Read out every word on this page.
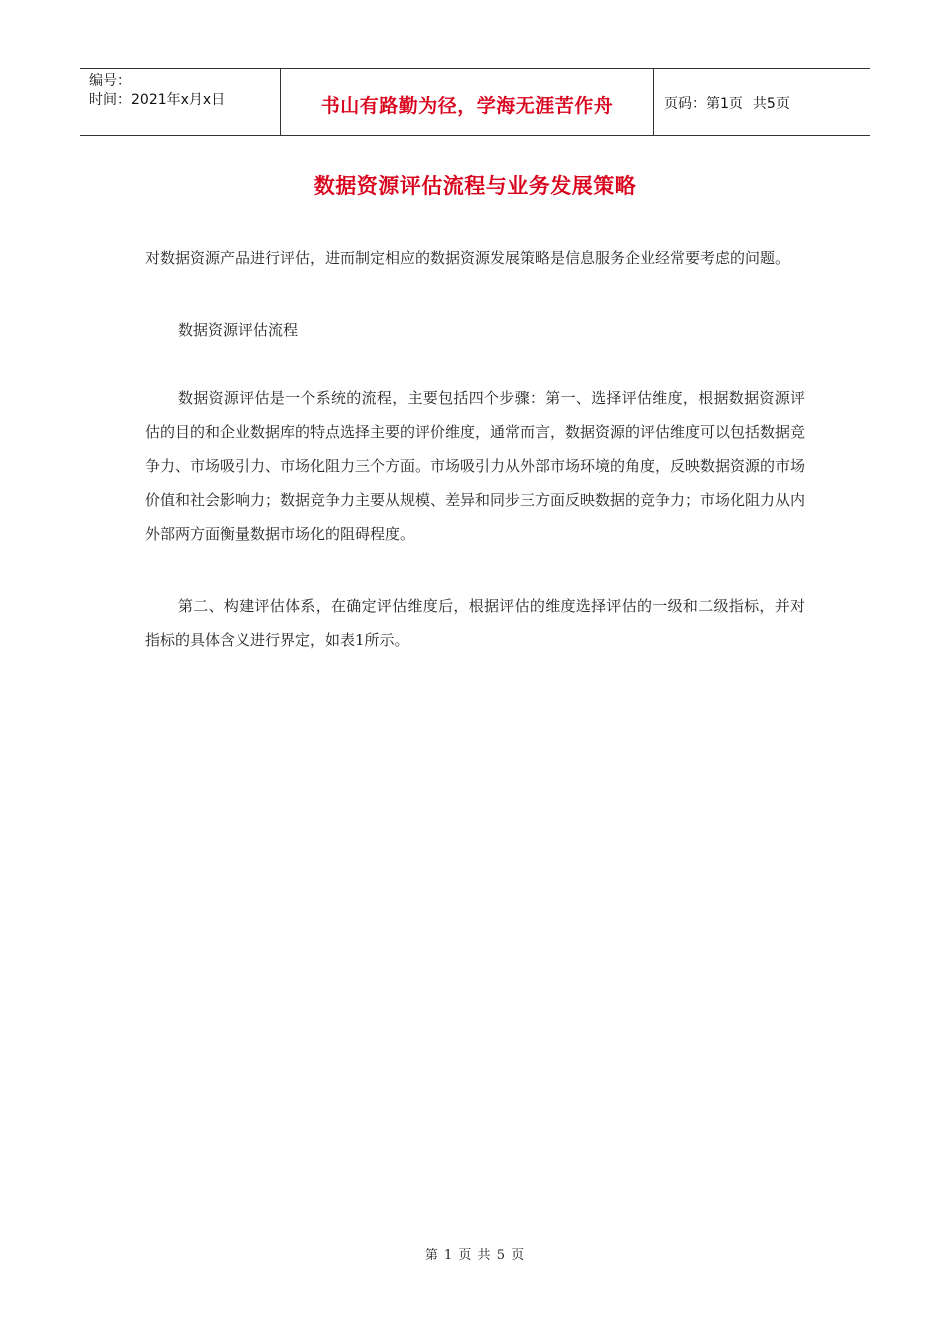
编号：
时间：2021年x月x日	书山有路勤为径，学海无涯苦作舟	页码：第1页 共5页
数据资源评估流程与业务发展策略

对数据资源产品进行评估，进而制定相应的数据资源发展策略是信息服务企业经常要考虑的问题。

数据资源评估流程

数据资源评估是一个系统的流程，主要包括四个步骤：第一、选择评估维度，根据数据资源评估的目的和企业数据库的特点选择主要的评价维度，通常而言，数据资源的评估维度可以包括数据竞争力、市场吸引力、市场化阻力三个方面。市场吸引力从外部市场环境的角度，反映数据资源的市场价值和社会影响力；数据竞争力主要从规模、差异和同步三方面反映数据的竞争力；市场化阻力从内外部两方面衡量数据市场化的阻碍程度。

第二、构建评估体系，在确定评估维度后，根据评估的维度选择评估的一级和二级指标，并对指标的具体含义进行界定，如表1所示。

第 1 页 共 5 页
